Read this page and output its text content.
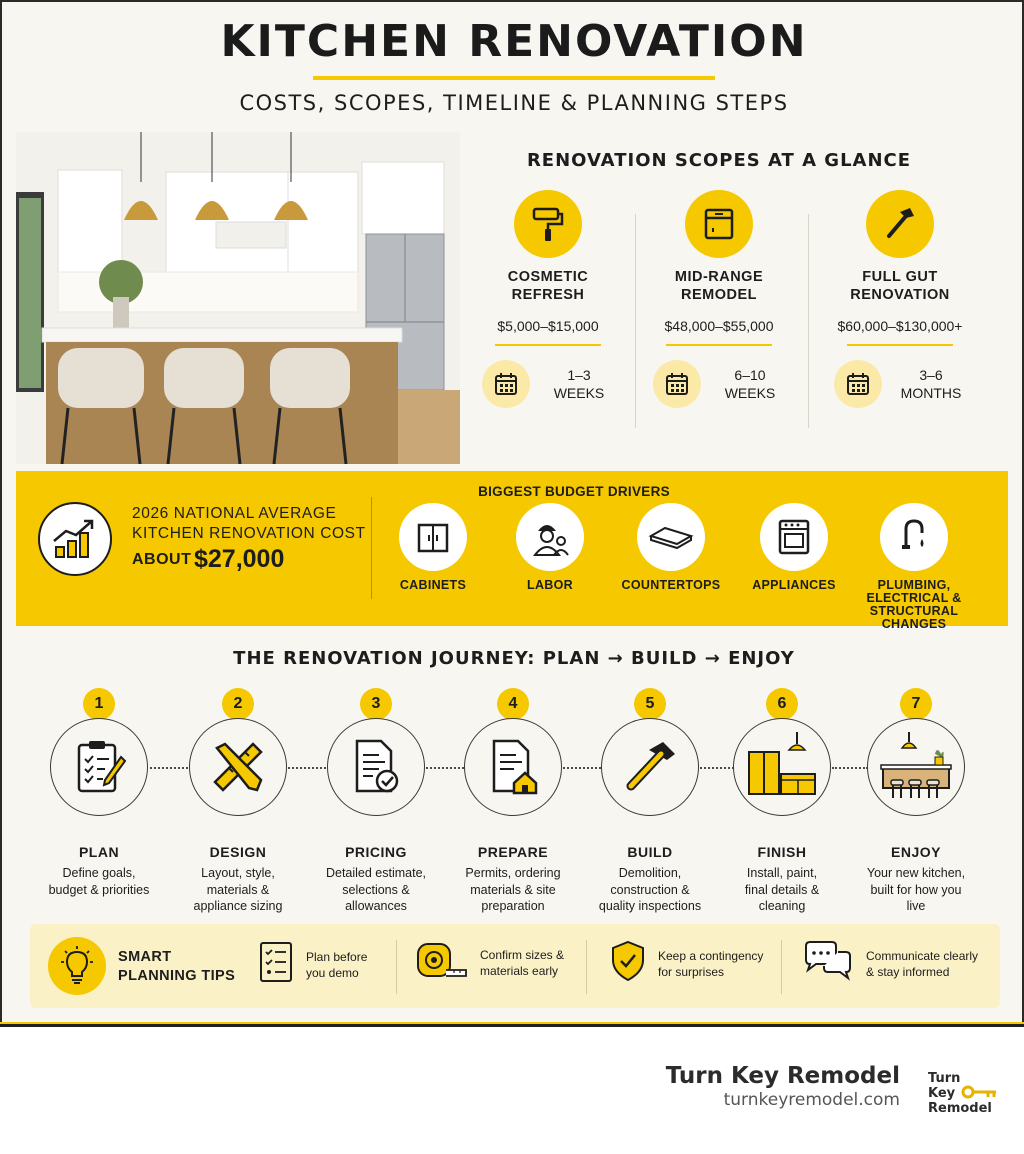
KITCHEN RENOVATION
COSTS, SCOPES, TIMELINE & PLANNING STEPS
RENOVATION SCOPES AT A GLANCE
COSMETIC
REFRESH
$5,000–$15,000
1–3
WEEKS
MID-RANGE
REMODEL
$48,000–$55,000
6–10
WEEKS
FULL GUT
RENOVATION
$60,000–$130,000+
3–6
MONTHS
2026 NATIONAL AVERAGE
KITCHEN RENOVATION COST
ABOUT $27,000
BIGGEST BUDGET DRIVERS
CABINETS	LABOR	COUNTERTOPS	APPLIANCES	PLUMBING,
ELECTRICAL &
STRUCTURAL
CHANGES
THE RENOVATION JOURNEY: PLAN → BUILD → ENJOY
1
PLAN
Define goals,
budget & priorities
2
DESIGN
Layout, style,
materials &
appliance sizing
3
PRICING
Detailed estimate,
selections &
allowances
4
PREPARE
Permits, ordering
materials & site
preparation
5
BUILD
Demolition,
construction &
quality inspections
6
FINISH
Install, paint,
final details &
cleaning
7
ENJOY
Your new kitchen,
built for how you
live
SMART
PLANNING TIPS
Plan before
you demo
Confirm sizes &
materials early
Keep a contingency
for surprises
Communicate clearly
& stay informed
Turn Key Remodel
turnkeyremodel.com
Turn
Key
Remodel
